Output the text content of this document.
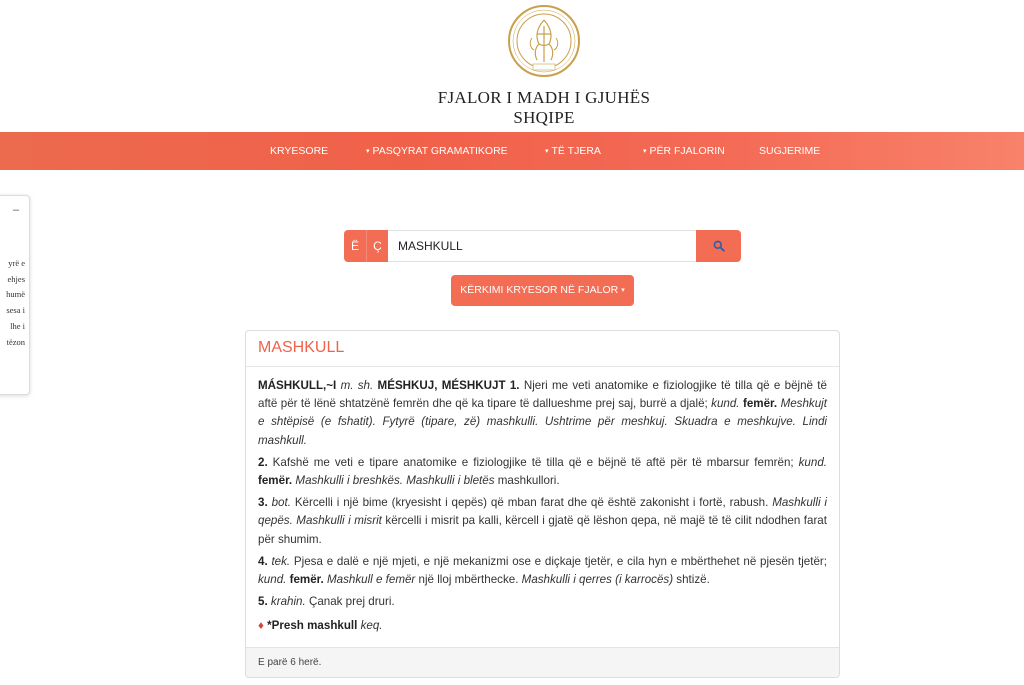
FJALOR I MADH I GJUHËS
SHQIPE
KRYESORE	▾ PASQYRAT GRAMATIKORE	▾ TË TJERA	▾ PËR FJALORIN	SUGJERIME
–
yrë e
ehjes
humë
sesa i
lhe i
tëzon
Ë	Ç
MASHKULL
KËRKIMI KRYESOR NË FJALOR ▾
MASHKULL

MÁSHKULL,~I m. sh. MÉSHKUJ, MÉSHKUJT 1. Njeri me veti anatomike e fiziologjike të tilla që e bëjnë të aftë për të lënë shtatzënë femrën dhe që ka tipare të dallueshme prej saj, burrë a djalë; kund. femër. Meshkujt e shtëpisë (e fshatit). Fytyrë (tipare, zë) mashkulli. Ushtrime për meshkuj. Skuadra e meshkujve. Lindi mashkull.

2. Kafshë me veti e tipare anatomike e fiziologjike të tilla që e bëjnë të aftë për të mbarsur femrën; kund. femër. Mashkulli i breshkës. Mashkulli i bletës mashkullori.

3. bot. Kërcelli i një bime (kryesisht i qepës) që mban farat dhe që është zakonisht i fortë, rabush. Mashkulli i qepës. Mashkulli i misrit kërcelli i misrit pa kalli, kërcell i gjatë që lëshon qepa, në majë të të cilit ndodhen farat për shumim.

4. tek. Pjesa e dalë e një mjeti, e një mekanizmi ose e diçkaje tjetër, e cila hyn e mbërthehet në pjesën tjetër; kund. femër. Mashkull e femër një lloj mbërthecke. Mashkulli i qerres (i karrocës) shtizë.

5. krahin. Çanak prej druri.

♦ *Presh mashkull keq.

E parë 6 herë.
